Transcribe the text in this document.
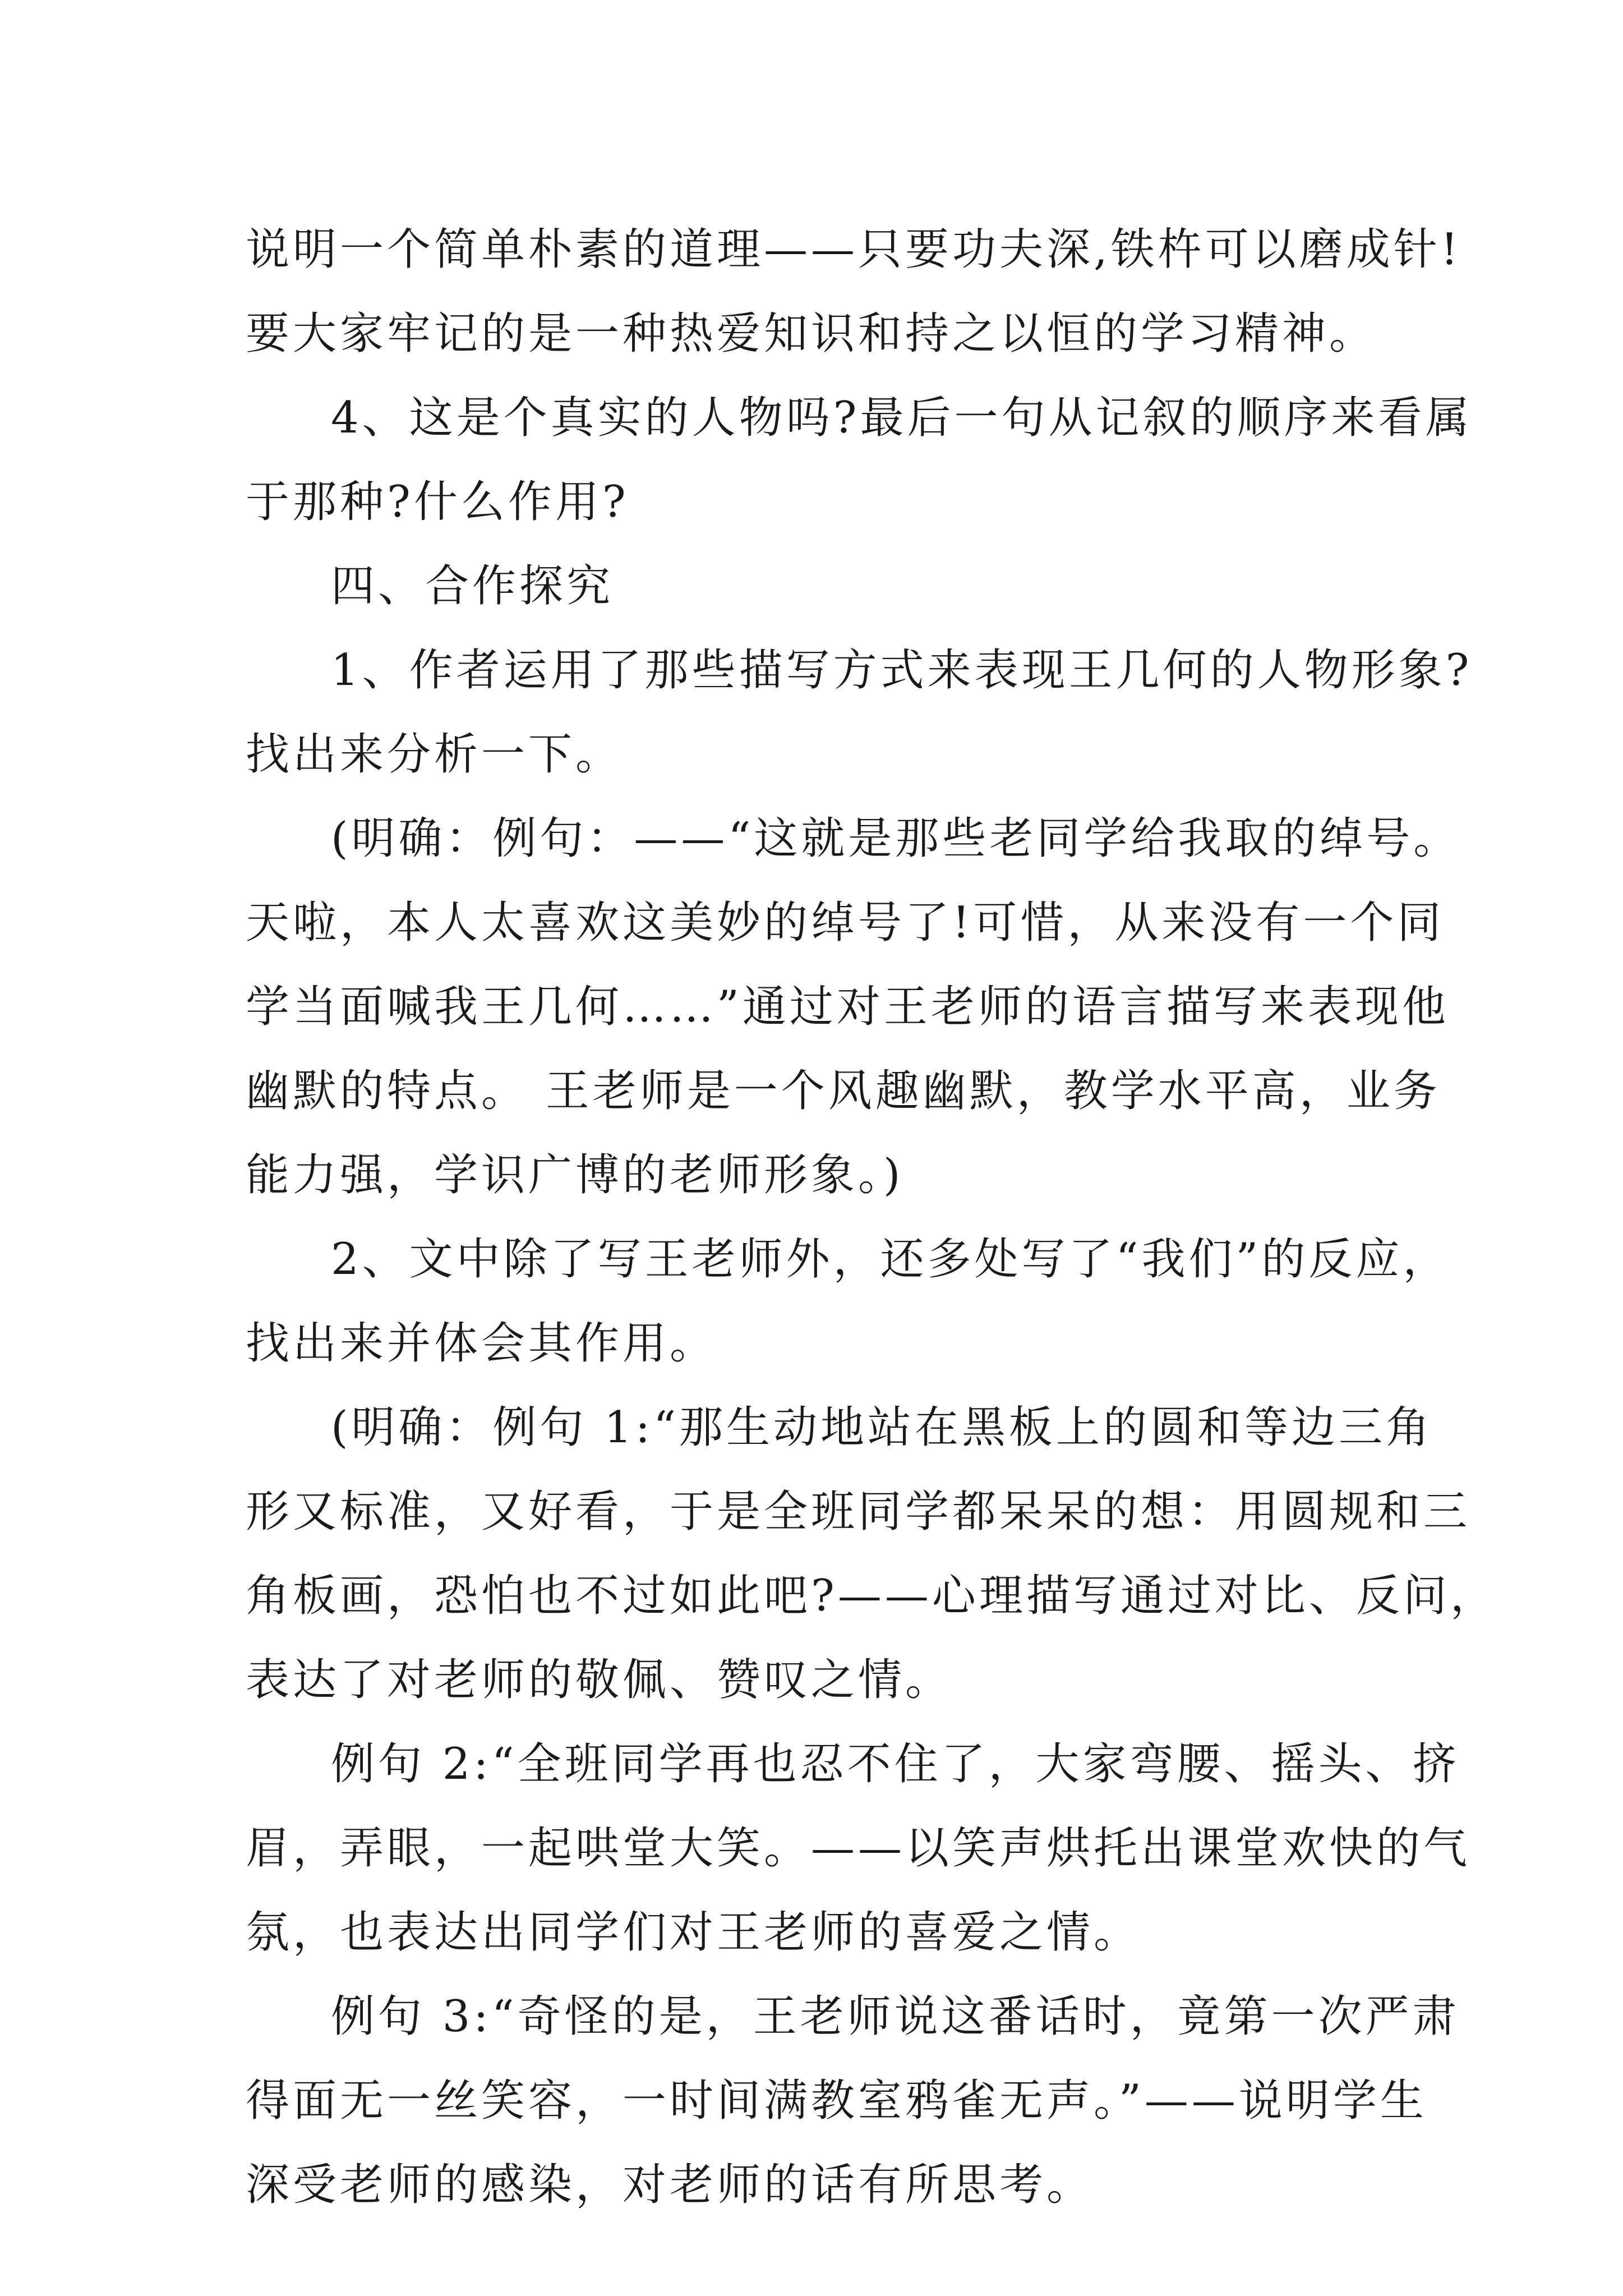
说明一个简单朴素的道理——只要功夫深,铁杵可以磨成针!
要大家牢记的是一种热爱知识和持之以恒的学习精神。
4、这是个真实的人物吗?最后一句从记叙的顺序来看属
于那种?什么作用?
四、合作探究
1、作者运用了那些描写方式来表现王几何的人物形象?
找出来分析一下。
(明确：例句：——“这就是那些老同学给我取的绰号。
天啦，本人太喜欢这美妙的绰号了!可惜，从来没有一个同
学当面喊我王几何……”通过对王老师的语言描写来表现他
幽默的特点。 王老师是一个风趣幽默，教学水平高，业务
能力强，学识广博的老师形象。)
2、文中除了写王老师外，还多处写了“我们”的反应，
找出来并体会其作用。
(明确：例句 1:“那生动地站在黑板上的圆和等边三角
形又标准，又好看，于是全班同学都呆呆的想：用圆规和三
角板画，恐怕也不过如此吧?——心理描写通过对比、反问，
表达了对老师的敬佩、赞叹之情。
例句 2:“全班同学再也忍不住了，大家弯腰、摇头、挤
眉，弄眼，一起哄堂大笑。——以笑声烘托出课堂欢快的气
氛，也表达出同学们对王老师的喜爱之情。
例句 3:“奇怪的是，王老师说这番话时，竟第一次严肃
得面无一丝笑容，一时间满教室鸦雀无声。”——说明学生
深受老师的感染，对老师的话有所思考。
